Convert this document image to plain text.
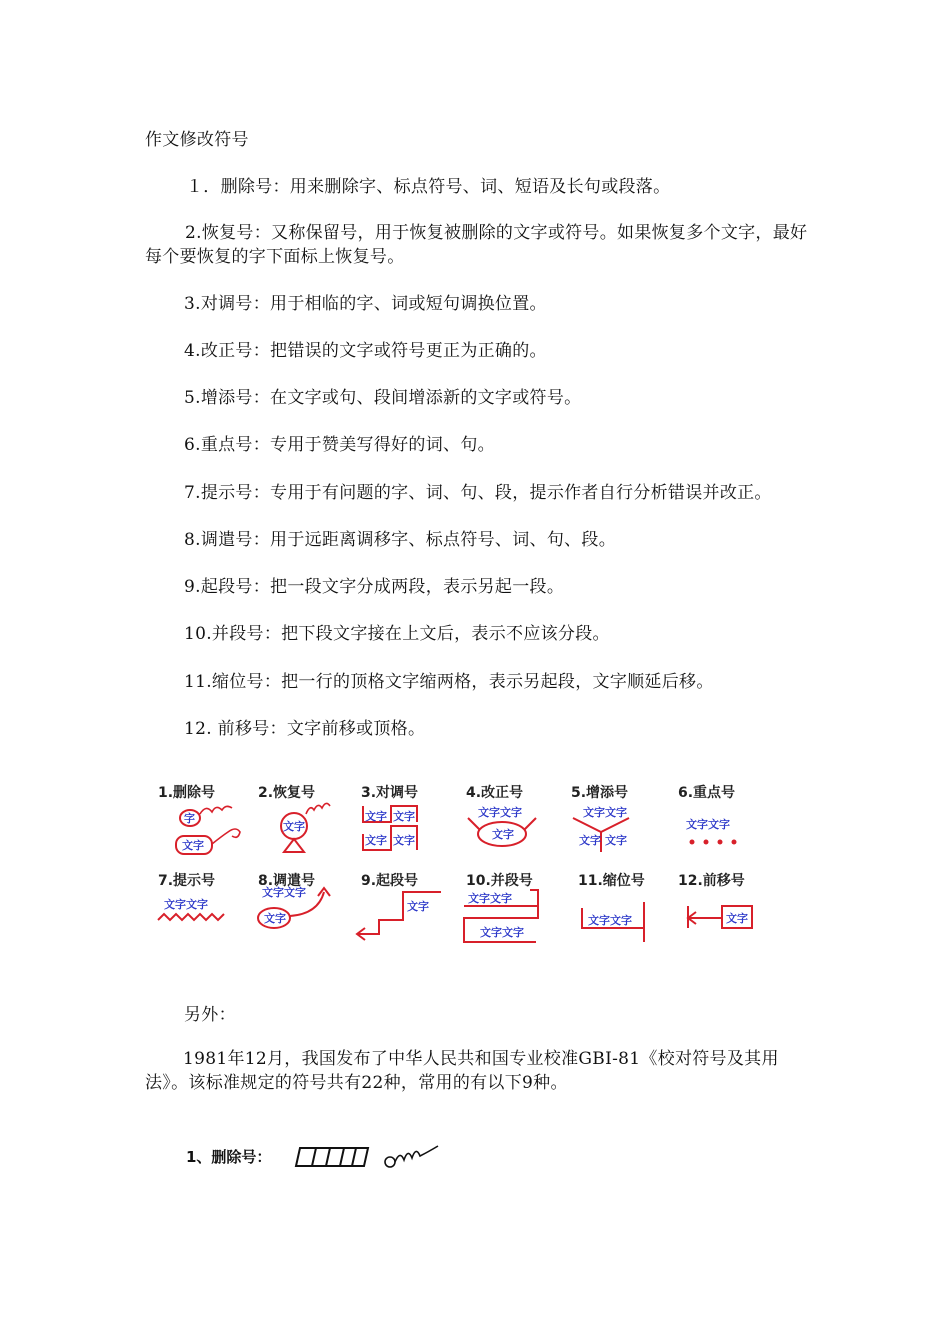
作文修改符号
１．删除号：用来删除字、标点符号、词、短语及长句或段落。
2.恢复号：又称保留号，用于恢复被删除的文字或符号。如果恢复多个文字，最好每个要恢复的字下面标上恢复号。
3.对调号：用于相临的字、词或短句调换位置。
4.改正号：把错误的文字或符号更正为正确的。
5.增添号：在文字或句、段间增添新的文字或符号。
6.重点号：专用于赞美写得好的词、句。
7.提示号：专用于有问题的字、词、句、段，提示作者自行分析错误并改正。
8.调遣号：用于远距离调移字、标点符号、词、句、段。
9.起段号：把一段文字分成两段，表示另起一段。
10.并段号：把下段文字接在上文后，表示不应该分段。
11.缩位号：把一行的顶格文字缩两格，表示另起段，文字顺延后移。
12. 前移号：文字前移或顶格。
1.删除号
字
文字
2.恢复号
文字
3.对调号
文字 文字
文字 文字
4.改正号
文字文字
文字
5.增添号
文字文字
文字 文字
6.重点号
文字文字
7.提示号
文字文字
8.调遣号
文字文字
文字
9.起段号
文字
10.并段号
文字文字
文字文字
11.缩位号
文字文字
12.前移号
文字
另外：
1981年12月，我国发布了中华人民共和国专业校准GBI-81《校对符号及其用法》。该标准规定的符号共有22种，常用的有以下9种。
1、删除号：
